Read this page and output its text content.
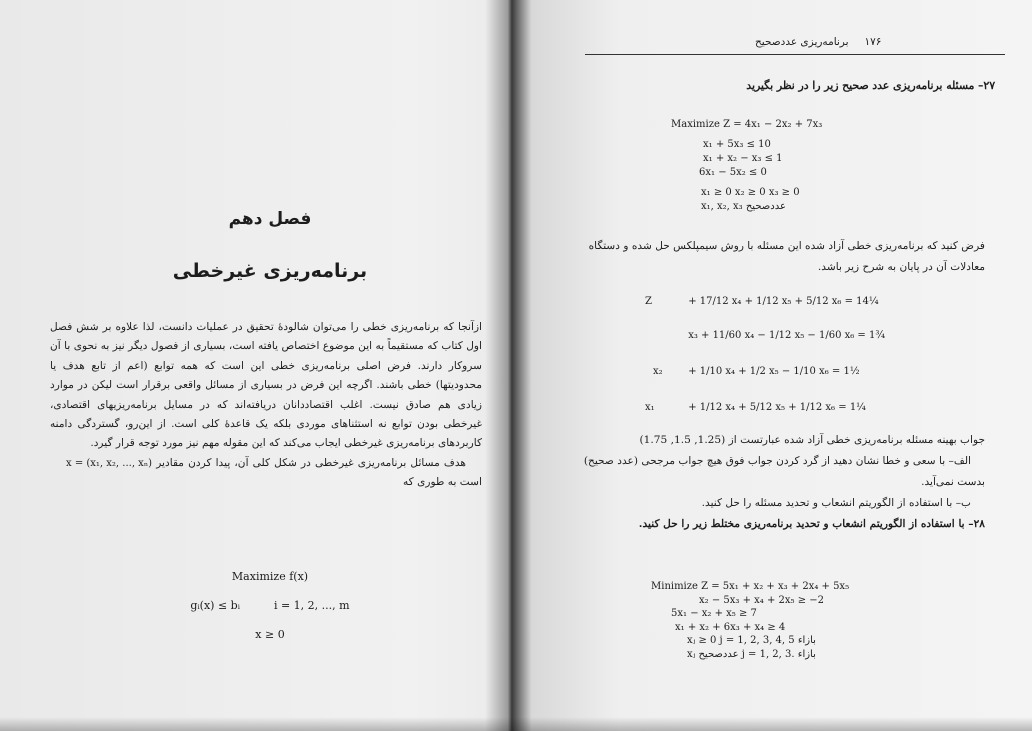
فصل دهم
برنامه‌ریزی غیرخطی

ازآنجا که برنامه‌ریزی خطی را می‌توان شالودهٔ تحقیق در عملیات دانست، لذا علاوه بر شش فصل اول کتاب که مستقیماً به این موضوع اختصاص یافته است، بسیاری از فصول دیگر نیز به نحوی با آن سروکار دارند. فرض اصلی برنامه‌ریزی خطی این است که همه توابع (اعم از تابع هدف یا محدودیتها) خطی باشند. اگرچه این فرض در بسیاری از مسائل واقعی برقرار است لیکن در موارد زیادی هم صادق نیست. اغلب اقتصاددانان دریافته‌اند که در مسایل برنامه‌ریزیهای اقتصادی، غیرخطی بودن توابع نه استثناهای موردی بلکه یک قاعدهٔ کلی است. از این‌رو، گستردگی دامنه کاربردهای برنامه‌ریزی غیرخطی ایجاب می‌کند که این مقوله مهم نیز مورد توجه قرار گیرد.

هدف مسائل برنامه‌ریزی غیرخطی در شکل کلی آن، پیدا کردن مقادیر x = (x₁, x₂, ..., xₙ) است به طوری که

Maximize f(x)
gᵢ(x) ≤ bᵢ	i = 1, 2, ..., m
x ≥ 0
۱۷۶
برنامه‌ریزی عددصحیح

۲۷– مسئله برنامه‌ریزی عدد صحیح زیر را در نظر بگیرید

Maximize Z = 4x₁ − 2x₂ + 7x₃
x₁ + 5x₃ ≤ 10
x₁ + x₂ − x₃ ≤ 1
6x₁ − 5x₂ ≤ 0
x₁ ≥ 0 x₂ ≥ 0 x₃ ≥ 0
x₁, x₂, x₃ عددصحیح

فرض کنید که برنامه‌ریزی خطی آزاد شده این مسئله با روش سیمپلکس حل شده و دستگاه معادلات آن در پایان به شرح زیر باشد.

Z	+ 17/12 x₄ + 1/12 x₅ + 5/12 x₆ = 14¼
x₃ + 11/60 x₄ − 1/12 x₅ − 1/60 x₆ = 1¾
x₂	+ 1/10 x₄ + 1/2 x₅ − 1/10 x₆ = 1½
x₁	+ 1/12 x₄ + 5/12 x₅ + 1/12 x₆ = 1¼

جواب بهینه مسئله برنامه‌ریزی خطی آزاد شده عبارتست از (1.25, 1.5, 1.75)

الف– با سعی و خطا نشان دهید از گرد کردن جواب فوق هیچ جواب مرجحی (عدد صحیح) بدست نمی‌آید.

ب– با استفاده از الگوریتم انشعاب و تحدید مسئله را حل کنید.

۲۸– با استفاده از الگوریتم انشعاب و تحدید برنامه‌ریزی مختلط زیر را حل کنید.

Minimize Z = 5x₁ + x₂ + x₃ + 2x₄ + 5x₅
x₂ − 5x₃ + x₄ + 2x₅ ≥ −2
5x₁ − x₂ + x₅ ≥ 7
x₁ + x₂ + 6x₃ + x₄ ≥ 4
xⱼ ≥ 0 j = 1, 2, 3, 4, 5 بازاء
xⱼ عددصحیح j = 1, 2, 3. بازاء
